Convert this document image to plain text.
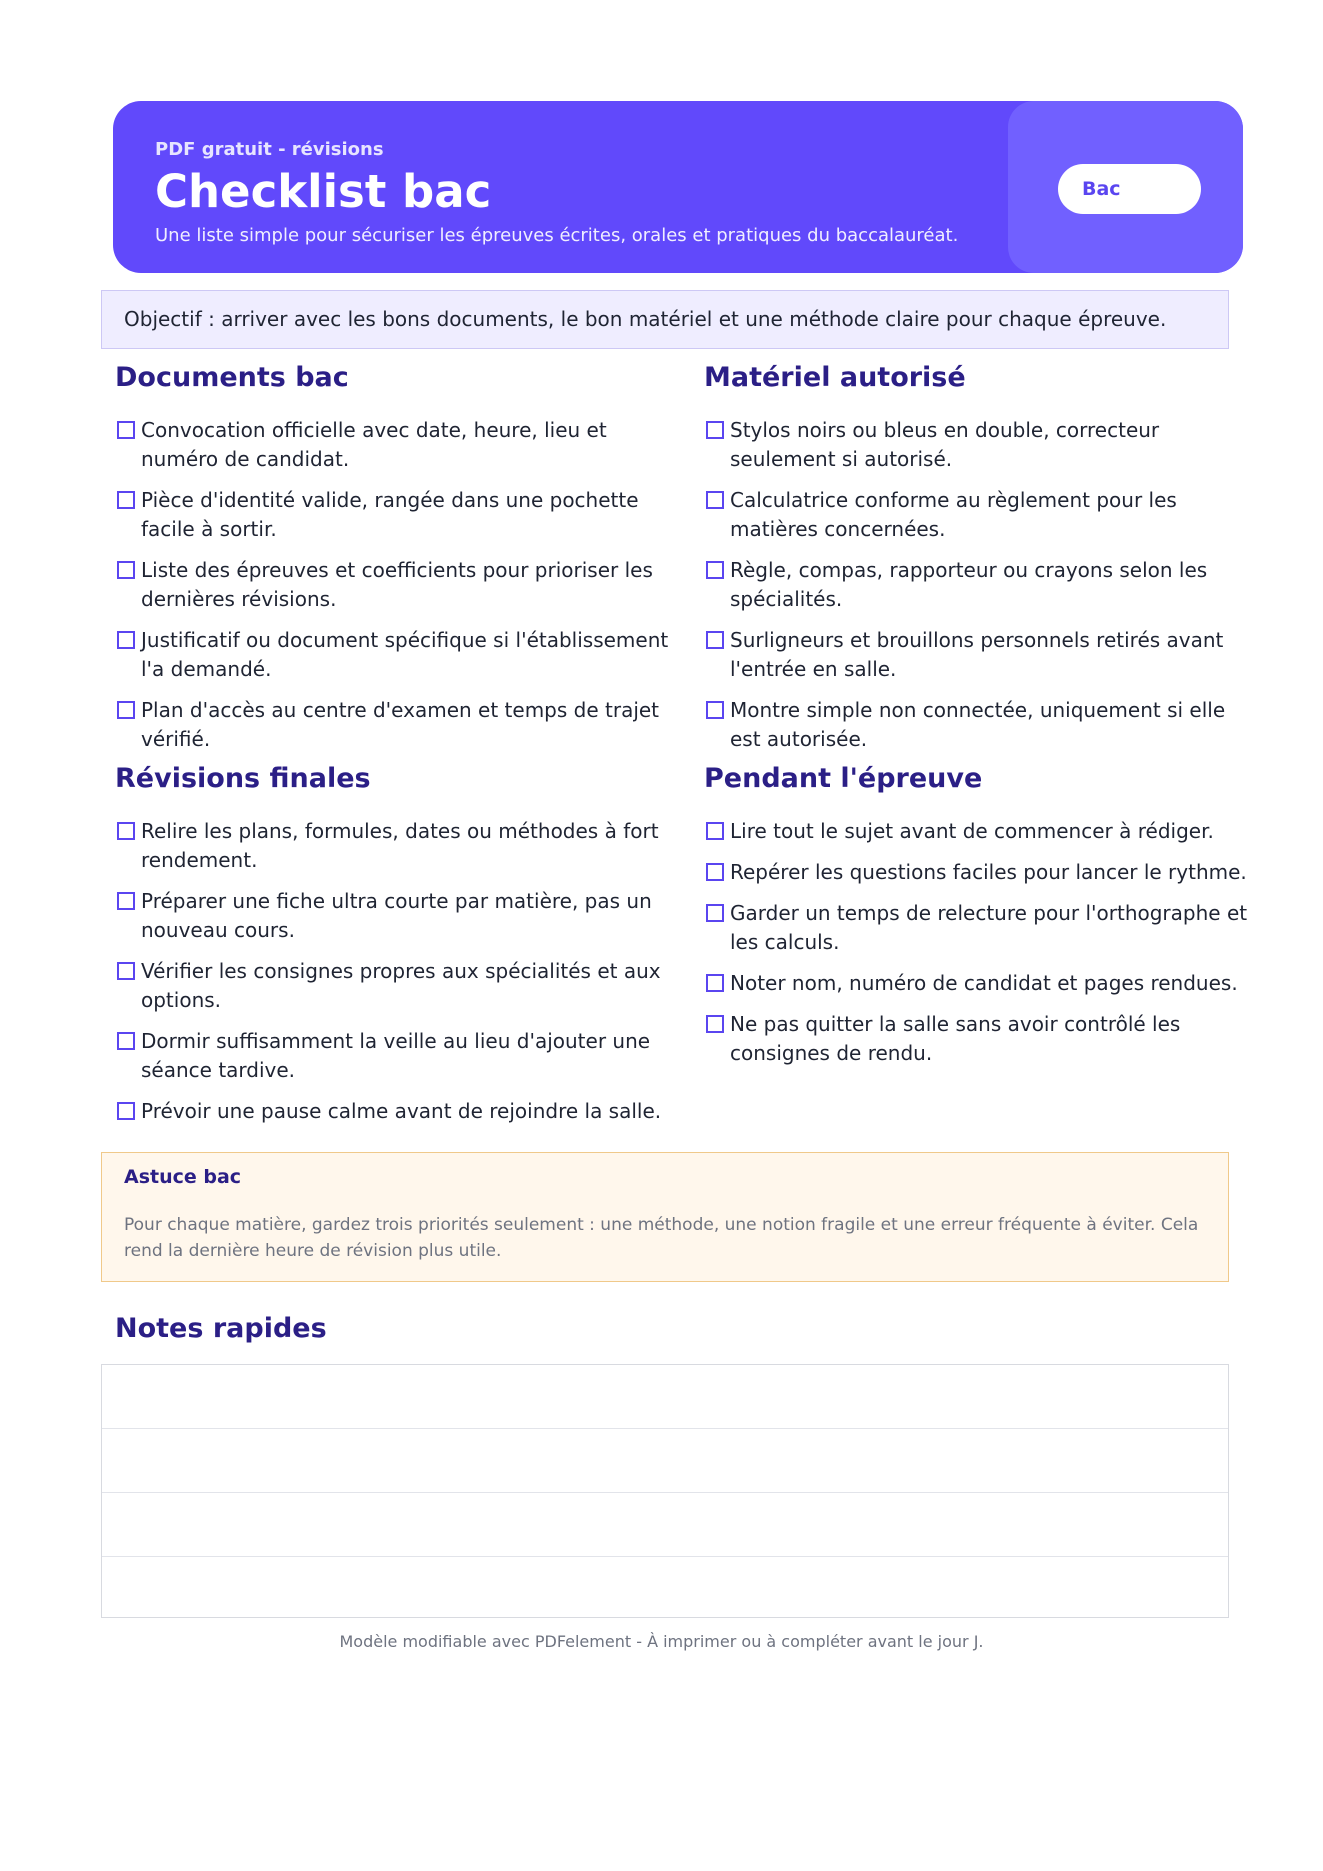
PDF gratuit - révisions
Checklist bac
Une liste simple pour sécuriser les épreuves écrites, orales et pratiques du baccalauréat.
Bac
Objectif : arriver avec les bons documents, le bon matériel et une méthode claire pour chaque épreuve.
Documents bac
Convocation officielle avec date, heure, lieu et numéro de candidat.
Pièce d'identité valide, rangée dans une pochette facile à sortir.
Liste des épreuves et coefficients pour prioriser les dernières révisions.
Justificatif ou document spécifique si l'établissement l'a demandé.
Plan d'accès au centre d'examen et temps de trajet vérifié.
Matériel autorisé
Stylos noirs ou bleus en double, correcteur seulement si autorisé.
Calculatrice conforme au règlement pour les matières concernées.
Règle, compas, rapporteur ou crayons selon les spécialités.
Surligneurs et brouillons personnels retirés avant l'entrée en salle.
Montre simple non connectée, uniquement si elle est autorisée.
Révisions finales
Relire les plans, formules, dates ou méthodes à fort rendement.
Préparer une fiche ultra courte par matière, pas un nouveau cours.
Vérifier les consignes propres aux spécialités et aux options.
Dormir suffisamment la veille au lieu d'ajouter une séance tardive.
Prévoir une pause calme avant de rejoindre la salle.
Pendant l'épreuve
Lire tout le sujet avant de commencer à rédiger.
Repérer les questions faciles pour lancer le rythme.
Garder un temps de relecture pour l'orthographe et les calculs.
Noter nom, numéro de candidat et pages rendues.
Ne pas quitter la salle sans avoir contrôlé les consignes de rendu.
Astuce bac
Pour chaque matière, gardez trois priorités seulement : une méthode, une notion fragile et une erreur fréquente à éviter. Cela rend la dernière heure de révision plus utile.
Notes rapides
Modèle modifiable avec PDFelement - À imprimer ou à compléter avant le jour J.
